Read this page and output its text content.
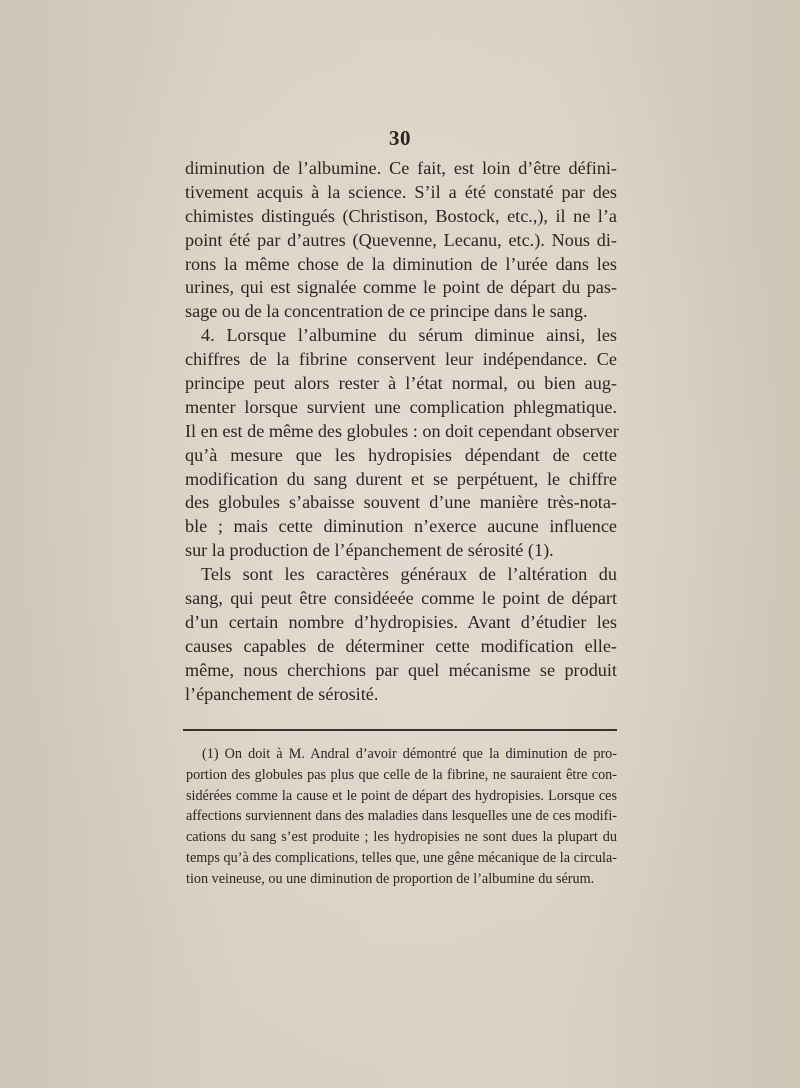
30
diminution de l’albumine. Ce fait, est loin d’être défini-
tivement acquis à la science. S’il a été constaté par des
chimistes distingués (Christison, Bostock, etc.,), il ne l’a
point été par d’autres (Quevenne, Lecanu, etc.). Nous di-
rons la même chose de la diminution de l’urée dans les
urines, qui est signalée comme le point de départ du pas-
sage ou de la concentration de ce principe dans le sang.
4. Lorsque l’albumine du sérum diminue ainsi, les
chiffres de la fibrine conservent leur indépendance. Ce
principe peut alors rester à l’état normal, ou bien aug-
menter lorsque survient une complication phlegmatique.
Il en est de même des globules : on doit cependant observer
qu’à mesure que les hydropisies dépendant de cette
modification du sang durent et se perpétuent, le chiffre
des globules s’abaisse souvent d’une manière très-nota-
ble ; mais cette diminution n’exerce aucune influence
sur la production de l’épanchement de sérosité (1).
Tels sont les caractères généraux de l’altération du
sang, qui peut être considéeée comme le point de départ
d’un certain nombre d’hydropisies. Avant d’étudier les
causes capables de déterminer cette modification elle-
même, nous cherchions par quel mécanisme se produit
l’épanchement de sérosité.
(1) On doit à M. Andral d’avoir démontré que la diminution de pro-
portion des globules pas plus que celle de la fibrine, ne sauraient être con-
sidérées comme la cause et le point de départ des hydropisies. Lorsque ces
affections surviennent dans des maladies dans lesquelles une de ces modifi-
cations du sang s’est produite ; les hydropisies ne sont dues la plupart du
temps qu’à des complications, telles que, une gêne mécanique de la circula-
tion veineuse, ou une diminution de proportion de l’albumine du sérum.
